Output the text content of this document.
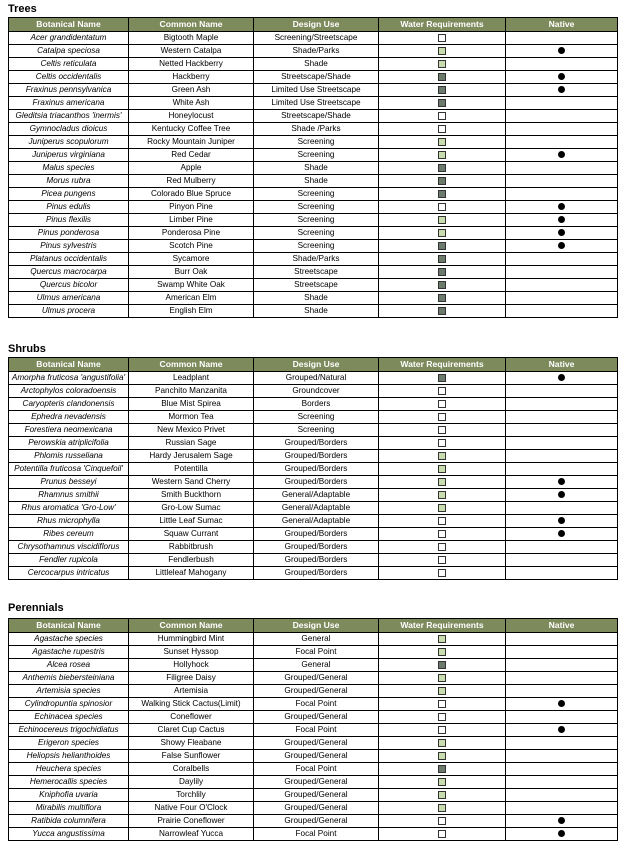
Trees
Botanical Name	Common Name	Design Use	Water Requirements	Native
Acer grandidentatum	Bigtooth Maple	Screening/Streetscape		
Catalpa speciosa	Western Catalpa	Shade/Parks		
Celtis reticulata	Netted Hackberry	Shade		
Celtis occidentalis	Hackberry	Streetscape/Shade		
Fraxinus pennsylvanica	Green Ash	Limited Use Streetscape		
Fraxinus americana	White Ash	Limited Use Streetscape		
Gleditsia triacanthos 'inermis'	Honeylocust	Streetscape/Shade		
Gymnocladus dioicus	Kentucky Coffee Tree	Shade /Parks		
Juniperus scopulorum	Rocky Mountain Juniper	Screening		
Juniperus virginiana	Red Cedar	Screening		
Malus species	Apple	Shade		
Morus rubra	Red Mulberry	Shade		
Picea pungens	Colorado Blue Spruce	Screening		
Pinus edulis	Pinyon Pine	Screening		
Pinus flexilis	Limber Pine	Screening		
Pinus ponderosa	Ponderosa Pine	Screening		
Pinus sylvestris	Scotch Pine	Screening		
Platanus occidentalis	Sycamore	Shade/Parks		
Quercus macrocarpa	Burr Oak	Streetscape		
Quercus bicolor	Swamp White Oak	Streetscape		
Ulmus americana	American Elm	Shade		
Ulmus procera	English Elm	Shade		
Shrubs
Botanical Name	Common Name	Design Use	Water Requirements	Native
Amorpha fruticosa 'angustifolia'	Leadplant	Grouped/Natural		
Arctophylos coloradoensis	Panchito Manzanita	Groundcover		
Caryopteris clandonensis	Blue Mist Spirea	Borders		
Ephedra nevadensis	Mormon Tea	Screening		
Forestiera neomexicana	New Mexico Privet	Screening		
Perowskia atriplicifolia	Russian Sage	Grouped/Borders		
Phlomis russeliana	Hardy Jerusalem Sage	Grouped/Borders		
Potentilla fruticosa 'Cinquefoil'	Potentilla	Grouped/Borders		
Prunus besseyi	Western Sand Cherry	Grouped/Borders		
Rhamnus smithii	Smith Buckthorn	General/Adaptable		
Rhus aromatica 'Gro-Low'	Gro-Low Sumac	General/Adaptable		
Rhus microphylla	Little Leaf Sumac	General/Adaptable		
Ribes cereum	Squaw Currant	Grouped/Borders		
Chrysothamnus viscidiflorus	Rabbitbrush	Grouped/Borders		
Fendler rupicola	Fendlerbush	Grouped/Borders		
Cercocarpus intricatus	Littleleaf Mahogany	Grouped/Borders		
Perennials
Botanical Name	Common Name	Design Use	Water Requirements	Native
Agastache species	Hummingbird Mint	General		
Agastache rupestris	Sunset Hyssop	Focal Point		
Alcea rosea	Hollyhock	General		
Anthemis biebersteiniana	Filigree Daisy	Grouped/General		
Artemisia species	Artemisia	Grouped/General		
Cylindropuntia spinosior	Walking Stick Cactus(Limit)	Focal Point		
Echinacea species	Coneflower	Grouped/General		
Echinocereus trigochidiatus	Claret Cup Cactus	Focal Point		
Erigeron species	Showy Fleabane	Grouped/General		
Heliopsis helianthoides	False Sunflower	Grouped/General		
Heuchera species	Coralbells	Focal Point		
Hemerocallis species	Daylily	Grouped/General		
Kniphofia uvaria	Torchlily	Grouped/General		
Mirabilis multiflora	Native Four O'Clock	Grouped/General		
Ratibida columnifera	Prairie Coneflower	Grouped/General		
Yucca angustissima	Narrowleaf Yucca	Focal Point		
